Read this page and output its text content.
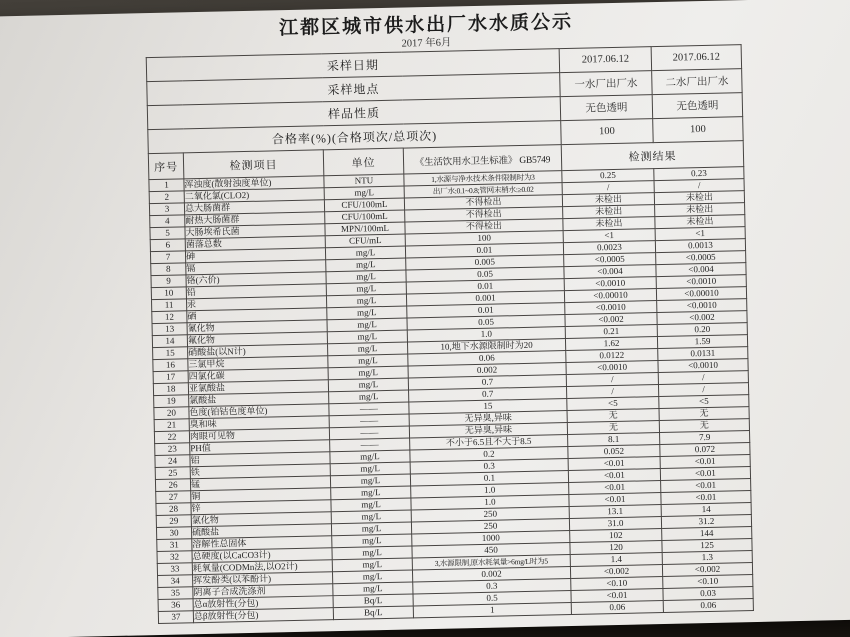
江都区城市供水出厂水水质公示
2017 年6月
采样日期				2017.06.12	2017.06.12
采样地点				一水厂出厂水	二水厂出厂水
样品性质				无色透明	无色透明
合格率(%)(合格项次/总项次)				100	100
序号	检测项目	单位	《生活饮用水卫生标准》 GB5749	检测结果	
1	浑浊度(散射浊度单位)	NTU	1,水源与净水技术条件限制时为3	0.25	0.23
2	二氧化氯(CLO2)	mg/L	出厂水:0.1~0.8;管网末梢水:≥0.02	/	/
3	总大肠菌群	CFU/100mL	不得检出	未检出	未检出
4	耐热大肠菌群	CFU/100mL	不得检出	未检出	未检出
5	大肠埃希氏菌	MPN/100mL	不得检出	未检出	未检出
6	菌落总数	CFU/mL	100	<1	<1
7	砷	mg/L	0.01	0.0023	0.0013
8	镉	mg/L	0.005	<0.0005	<0.0005
9	铬(六价)	mg/L	0.05	<0.004	<0.004
10	铅	mg/L	0.01	<0.0010	<0.0010
11	汞	mg/L	0.001	<0.00010	<0.00010
12	硒	mg/L	0.01	<0.0010	<0.0010
13	氰化物	mg/L	0.05	<0.002	<0.002
14	氟化物	mg/L	1.0	0.21	0.20
15	硝酸盐(以N计)	mg/L	10,地下水源限制时为20	1.62	1.59
16	三氯甲烷	mg/L	0.06	0.0122	0.0131
17	四氯化碳	mg/L	0.002	<0.0010	<0.0010
18	亚氯酸盐	mg/L	0.7	/	/
19	氯酸盐	mg/L	0.7	/	/
20	色度(铂钴色度单位)	——	15	<5	<5
21	臭和味	——	无异臭,异味	无	无
22	肉眼可见物	——	无异臭,异味	无	无
23	PH值	——	不小于6.5且不大于8.5	8.1	7.9
24	铝	mg/L	0.2	0.052	0.072
25	铁	mg/L	0.3	<0.01	<0.01
26	锰	mg/L	0.1	<0.01	<0.01
27	铜	mg/L	1.0	<0.01	<0.01
28	锌	mg/L	1.0	<0.01	<0.01
29	氯化物	mg/L	250	13.1	14
30	硫酸盐	mg/L	250	31.0	31.2
31	溶解性总固体	mg/L	1000	102	144
32	总硬度(以CaCO3计)	mg/L	450	120	125
33	耗氧量(CODMn法,以O2计)	mg/L	3,水源限制,原水耗氧量>6mg/L时为5	1.4	1.3
34	挥发酚类(以苯酚计)	mg/L	0.002	<0.002	<0.002
35	阴离子合成洗涤剂	mg/L	0.3	<0.10	<0.10
36	总α放射性(分包)	Bq/L	0.5	<0.01	0.03
37	总β放射性(分包)	Bq/L	1	0.06	0.06
